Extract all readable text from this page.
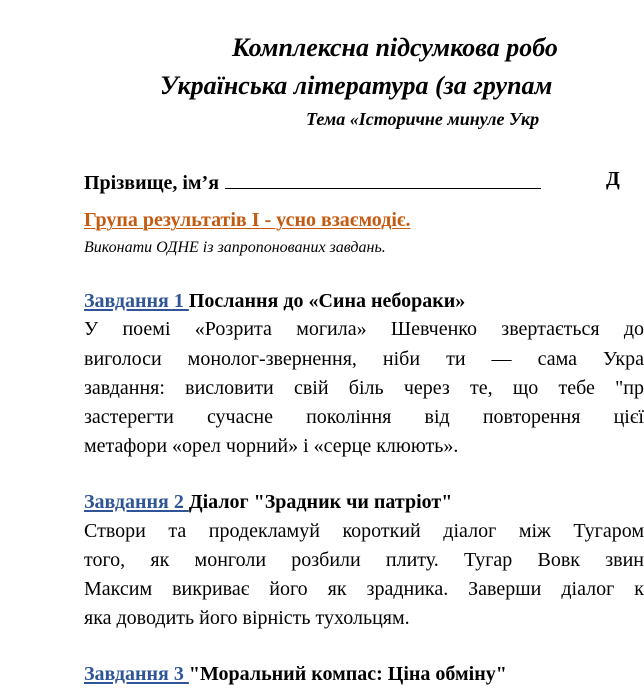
Комплексна підсумкова робо
Українська література (за групам
Тема «Історичне минуле Укр
Прізвище, ім’я	Д
Група результатів І - усно взаємодіє.
Виконати ОДНЕ із запропонованих завдань.
Завдання 1 Послання до «Сина небораки»
У поемі «Розрита могила» Шевченко звертається до
виголоси монолог-звернення, ніби ти — сама Укра
завдання: висловити свій біль через те, що тебе "пр
застерегти сучасне покоління від повторення цієї
метафори «орел чорний» і «серце клюють».
Завдання 2 Діалог "Зрадник чи патріот"
Створи та продекламуй короткий діалог між Тугаром
того, як монголи розбили плиту. Тугар Вовк звин
Максим викриває його як зрадника. Заверши діалог к
яка доводить його вірність тухольцям.
Завдання 3 "Моральний компас: Ціна обміну"
